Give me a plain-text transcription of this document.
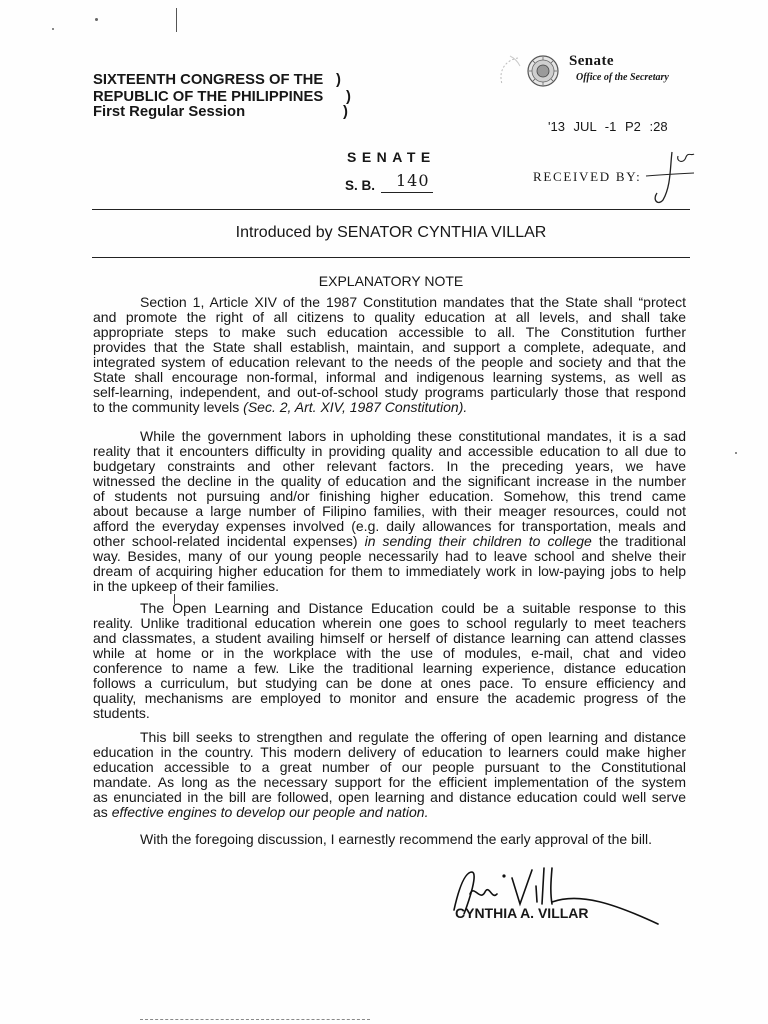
SIXTEENTH CONGRESS OF THE )
REPUBLIC OF THE PHILIPPINES )
First Regular Session	)
Senate
Office of the Secretary
'13 JUL -1 P2 :28
SENATE
S. B. 140	RECEIVED BY:
Introduced by SENATOR CYNTHIA VILLAR
EXPLANATORY NOTE
Section 1, Article XIV of the 1987 Constitution mandates that the State shall “protect
and promote the right of all citizens to quality education at all levels, and shall take
appropriate steps to make such education accessible to all. The Constitution further
provides that the State shall establish, maintain, and support a complete, adequate, and
integrated system of education relevant to the needs of the people and society and that the
State shall encourage non-formal, informal and indigenous learning systems, as well as
self-learning, independent, and out-of-school study programs particularly those that respond
to the community levels (Sec. 2, Art. XIV, 1987 Constitution).
While the government labors in upholding these constitutional mandates, it is a sad
reality that it encounters difficulty in providing quality and accessible education to all due to
budgetary constraints and other relevant factors. In the preceding years, we have
witnessed the decline in the quality of education and the significant increase in the number
of students not pursuing and/or finishing higher education. Somehow, this trend came
about because a large number of Filipino families, with their meager resources, could not
afford the everyday expenses involved (e.g. daily allowances for transportation, meals and
other school-related incidental expenses) in sending their children to college the traditional
way. Besides, many of our young people necessarily had to leave school and shelve their
dream of acquiring higher education for them to immediately work in low-paying jobs to help
in the upkeep of their families.
The Open Learning and Distance Education could be a suitable response to this
reality. Unlike traditional education wherein one goes to school regularly to meet teachers
and classmates, a student availing himself or herself of distance learning can attend classes
while at home or in the workplace with the use of modules, e-mail, chat and video
conference to name a few. Like the traditional learning experience, distance education
follows a curriculum, but studying can be done at ones pace. To ensure efficiency and
quality, mechanisms are employed to monitor and ensure the academic progress of the
students.
This bill seeks to strengthen and regulate the offering of open learning and distance
education in the country. This modern delivery of education to learners could make higher
education accessible to a great number of our people pursuant to the Constitutional
mandate. As long as the necessary support for the efficient implementation of the system
as enunciated in the bill are followed, open learning and distance education could well serve
as effective engines to develop our people and nation.
With the foregoing discussion, I earnestly recommend the early approval of the bill.
CYNTHIA A. VILLAR
